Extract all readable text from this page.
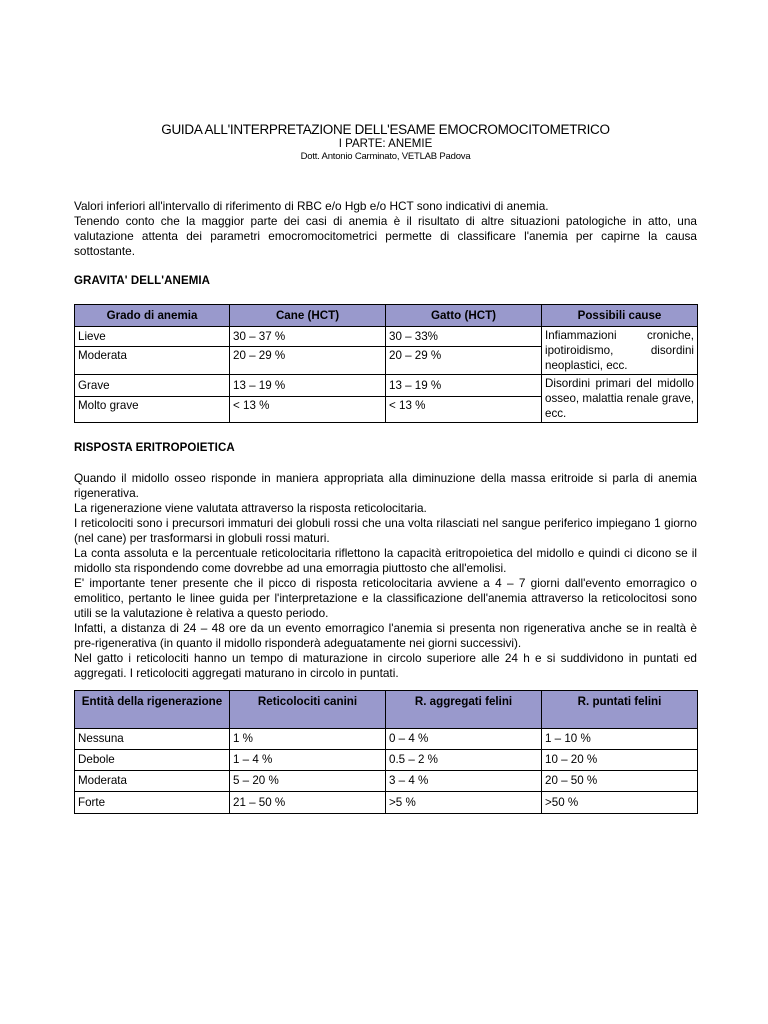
GUIDA ALL'INTERPRETAZIONE DELL'ESAME EMOCROMOCITOMETRICO
I PARTE: ANEMIE
Dott. Antonio Carminato, VETLAB Padova

Valori inferiori all'intervallo di riferimento di RBC e/o Hgb e/o HCT sono indicativi di anemia.

Tenendo conto che la maggior parte dei casi di anemia è il risultato di altre situazioni patologiche in atto, una valutazione attenta dei parametri emocromocitometrici permette di classificare l'anemia per capirne la causa sottostante.

GRAVITA' DELL'ANEMIA
Grado di anemia	Cane (HCT)	Gatto (HCT)	Possibili cause
Lieve	30 – 37 %	30 – 33%	Infiammazioni croniche, ipotiroidismo, disordini neoplastici, ecc.
Moderata	20 – 29 %	20 – 29 %	
Grave	13 – 19 %	13 – 19 %	Disordini primari del midollo osseo, malattia renale grave, ecc.
Molto grave	< 13 %	< 13 %	
RISPOSTA ERITROPOIETICA

Quando il midollo osseo risponde in maniera appropriata alla diminuzione della massa eritroide si parla di anemia rigenerativa.

La rigenerazione viene valutata attraverso la risposta reticolocitaria.

I reticolociti sono i precursori immaturi dei globuli rossi che una volta rilasciati nel sangue periferico impiegano 1 giorno (nel cane) per trasformarsi in globuli rossi maturi.

La conta assoluta e la percentuale reticolocitaria riflettono la capacità eritropoietica del midollo e quindi ci dicono se il midollo sta rispondendo come dovrebbe ad una emorragia piuttosto che all'emolisi.

E' importante tener presente che il picco di risposta reticolocitaria avviene a 4 – 7 giorni dall'evento emorragico o emolitico, pertanto le linee guida per l'interpretazione e la classificazione dell'anemia attraverso la reticolocitosi sono utili se la valutazione è relativa a questo periodo.

Infatti, a distanza di 24 – 48 ore da un evento emorragico l'anemia si presenta non rigenerativa anche se in realtà è pre-rigenerativa (in quanto il midollo risponderà adeguatamente nei giorni successivi).

Nel gatto i reticolociti hanno un tempo di maturazione in circolo superiore alle 24 h e si suddividono in puntati ed aggregati. I reticolociti aggregati maturano in circolo in puntati.

Entità della rigenerazione	Reticolociti canini	R. aggregati felini	R. puntati felini
Nessuna	1 %	0 – 4 %	1 – 10 %
Debole	1 – 4 %	0.5 – 2 %	10 – 20 %
Moderata	5 – 20 %	3 – 4 %	20 – 50 %
Forte	21 – 50 %	>5 %	>50 %
